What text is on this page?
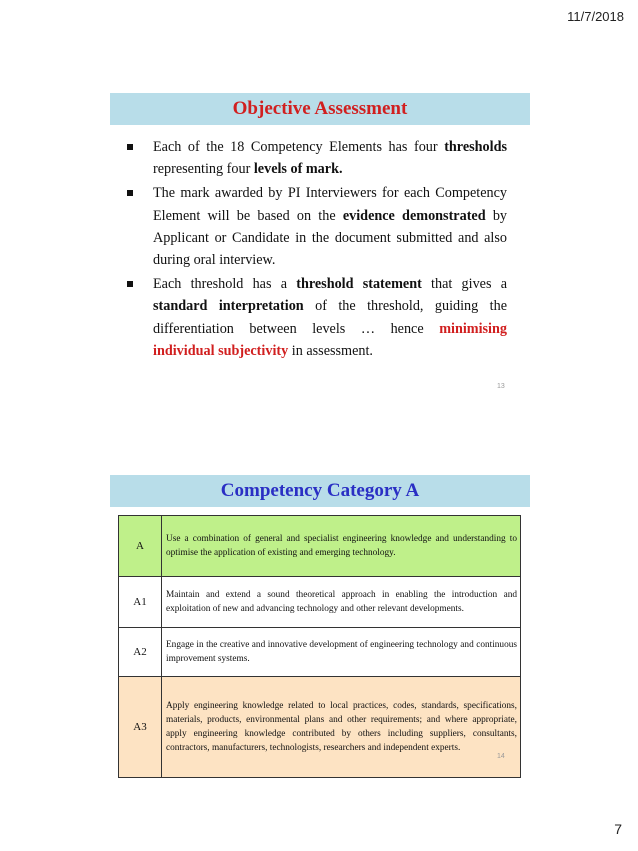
11/7/2018
Objective Assessment
Each of the 18 Competency Elements has four thresholds representing four levels of mark.
The mark awarded by PI Interviewers for each Competency Element will be based on the evidence demonstrated by Applicant or Candidate in the document submitted and also during oral interview.
Each threshold has a threshold statement that gives a standard interpretation of the threshold, guiding the differentiation between levels … hence minimising individual subjectivity in assessment.
13
Competency Category A
A	Use a combination of general and specialist engineering knowledge and understanding to optimise the application of existing and emerging technology.
A1	Maintain and extend a sound theoretical approach in enabling the introduction and exploitation of new and advancing technology and other relevant developments.
A2	Engage in the creative and innovative development of engineering technology and continuous improvement systems.
A3	Apply engineering knowledge related to local practices, codes, standards, specifications, materials, products, environmental plans and other requirements; and where appropriate, apply engineering knowledge contributed by others including suppliers, consultants, contractors, manufacturers, technologists, researchers and independent experts.
14
7
